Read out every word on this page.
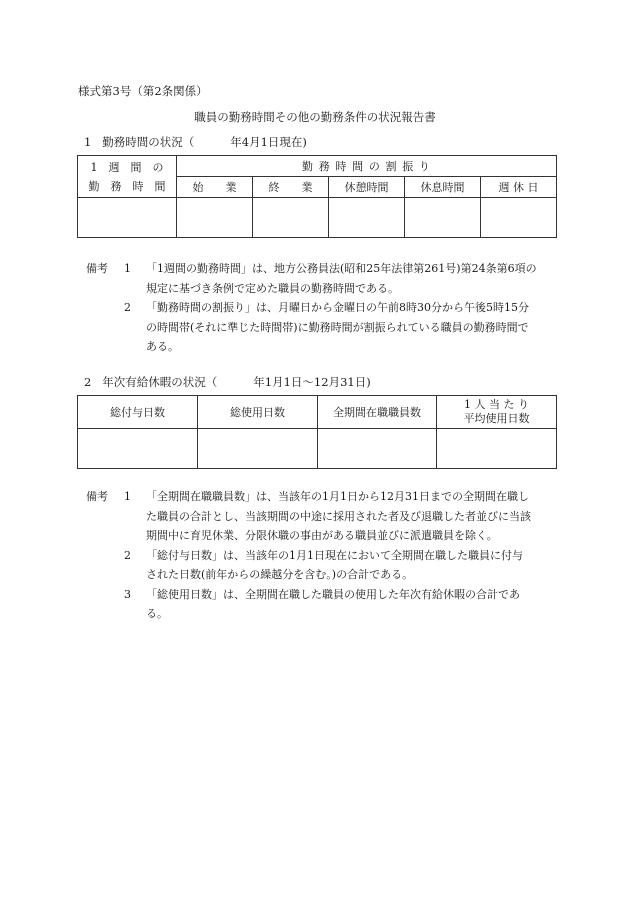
様式第3号（第2条関係）
職員の勤務時間その他の勤務条件の状況報告書
1 勤務時間の状況（	年4月1日現在)
1　週　間　の
勤　務　時　間	勤 務 時 間 の 割 振 り				
	始　　業	終　　業	休憩時間	休息時間	週 休 日

備考	1	「1週間の勤務時間」は、地方公務員法(昭和25年法律第261号)第24条第6項の
規定に基づき条例で定めた職員の勤務時間である。
2	「勤務時間の割振り」は、月曜日から金曜日の午前8時30分から午後5時15分
の時間帯(それに準じた時間帯)に勤務時間が割振られている職員の勤務時間で
ある。
2 年次有給休暇の状況（	年1月1日～12月31日)
総付与日数	総使用日数	全期間在職職員数	1 人 当 た り
平均使用日数

備考	1	「全期間在職職員数」は、当該年の1月1日から12月31日までの全期間在職し
た職員の合計とし、当該期間の中途に採用された者及び退職した者並びに当該
期間中に育児休業、分限休職の事由がある職員並びに派遣職員を除く。
2	「総付与日数」は、当該年の1月1日現在において全期間在職した職員に付与
された日数(前年からの繰越分を含む。)の合計である。
3	「総使用日数」は、全期間在職した職員の使用した年次有給休暇の合計であ
る。
